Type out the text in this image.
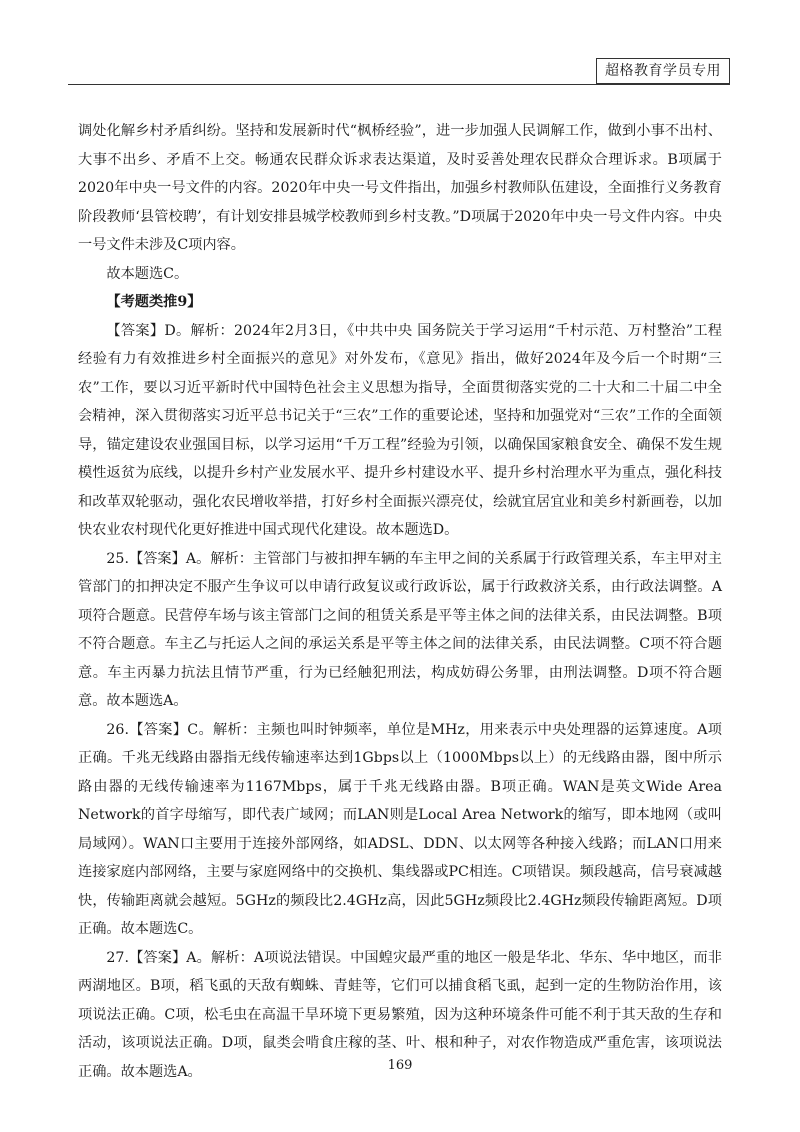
超格教育学员专用

调处化解乡村矛盾纠纷。坚持和发展新时代“枫桥经验”，进一步加强人民调解工作，做到小事不出村、大事不出乡、矛盾不上交。畅通农民群众诉求表达渠道，及时妥善处理农民群众合理诉求。B项属于2020年中央一号文件的内容。2020年中央一号文件指出，加强乡村教师队伍建设，全面推行义务教育阶段教师‘县管校聘’，有计划安排县城学校教师到乡村支教。”D项属于2020年中央一号文件内容。中央一号文件未涉及C项内容。

故本题选C。

【考题类推9】

【答案】D。解析：2024年2月3日，《中共中央 国务院关于学习运用“千村示范、万村整治”工程经验有力有效推进乡村全面振兴的意见》对外发布，《意见》指出，做好2024年及今后一个时期“三农”工作，要以习近平新时代中国特色社会主义思想为指导，全面贯彻落实党的二十大和二十届二中全会精神，深入贯彻落实习近平总书记关于“三农”工作的重要论述，坚持和加强党对“三农”工作的全面领导，锚定建设农业强国目标，以学习运用“千万工程”经验为引领，以确保国家粮食安全、确保不发生规模性返贫为底线，以提升乡村产业发展水平、提升乡村建设水平、提升乡村治理水平为重点，强化科技和改革双轮驱动，强化农民增收举措，打好乡村全面振兴漂亮仗，绘就宜居宜业和美乡村新画卷，以加快农业农村现代化更好推进中国式现代化建设。故本题选D。

25.【答案】A。解析：主管部门与被扣押车辆的车主甲之间的关系属于行政管理关系，车主甲对主管部门的扣押决定不服产生争议可以申请行政复议或行政诉讼，属于行政救济关系，由行政法调整。A项符合题意。民营停车场与该主管部门之间的租赁关系是平等主体之间的法律关系，由民法调整。B项不符合题意。车主乙与托运人之间的承运关系是平等主体之间的法律关系，由民法调整。C项不符合题意。车主丙暴力抗法且情节严重，行为已经触犯刑法，构成妨碍公务罪，由刑法调整。D项不符合题意。故本题选A。

26.【答案】C。解析：主频也叫时钟频率，单位是MHz，用来表示中央处理器的运算速度。A项正确。千兆无线路由器指无线传输速率达到1Gbps以上（1000Mbps以上）的无线路由器，图中所示路由器的无线传输速率为1167Mbps，属于千兆无线路由器。B项正确。WAN是英文Wide Area Network的首字母缩写，即代表广域网；而LAN则是Local Area Network的缩写，即本地网（或叫局域网）。WAN口主要用于连接外部网络，如ADSL、DDN、以太网等各种接入线路；而LAN口用来连接家庭内部网络，主要与家庭网络中的交换机、集线器或PC相连。C项错误。频段越高，信号衰减越快，传输距离就会越短。5GHz的频段比2.4GHz高，因此5GHz频段比2.4GHz频段传输距离短。D项正确。故本题选C。

27.【答案】A。解析：A项说法错误。中国蝗灾最严重的地区一般是华北、华东、华中地区，而非两湖地区。B项，稻飞虱的天敌有蜘蛛、青蛙等，它们可以捕食稻飞虱，起到一定的生物防治作用，该项说法正确。C项，松毛虫在高温干旱环境下更易繁殖，因为这种环境条件可能不利于其天敌的生存和活动，该项说法正确。D项，鼠类会啃食庄稼的茎、叶、根和种子，对农作物造成严重危害，该项说法正确。故本题选A。	169
